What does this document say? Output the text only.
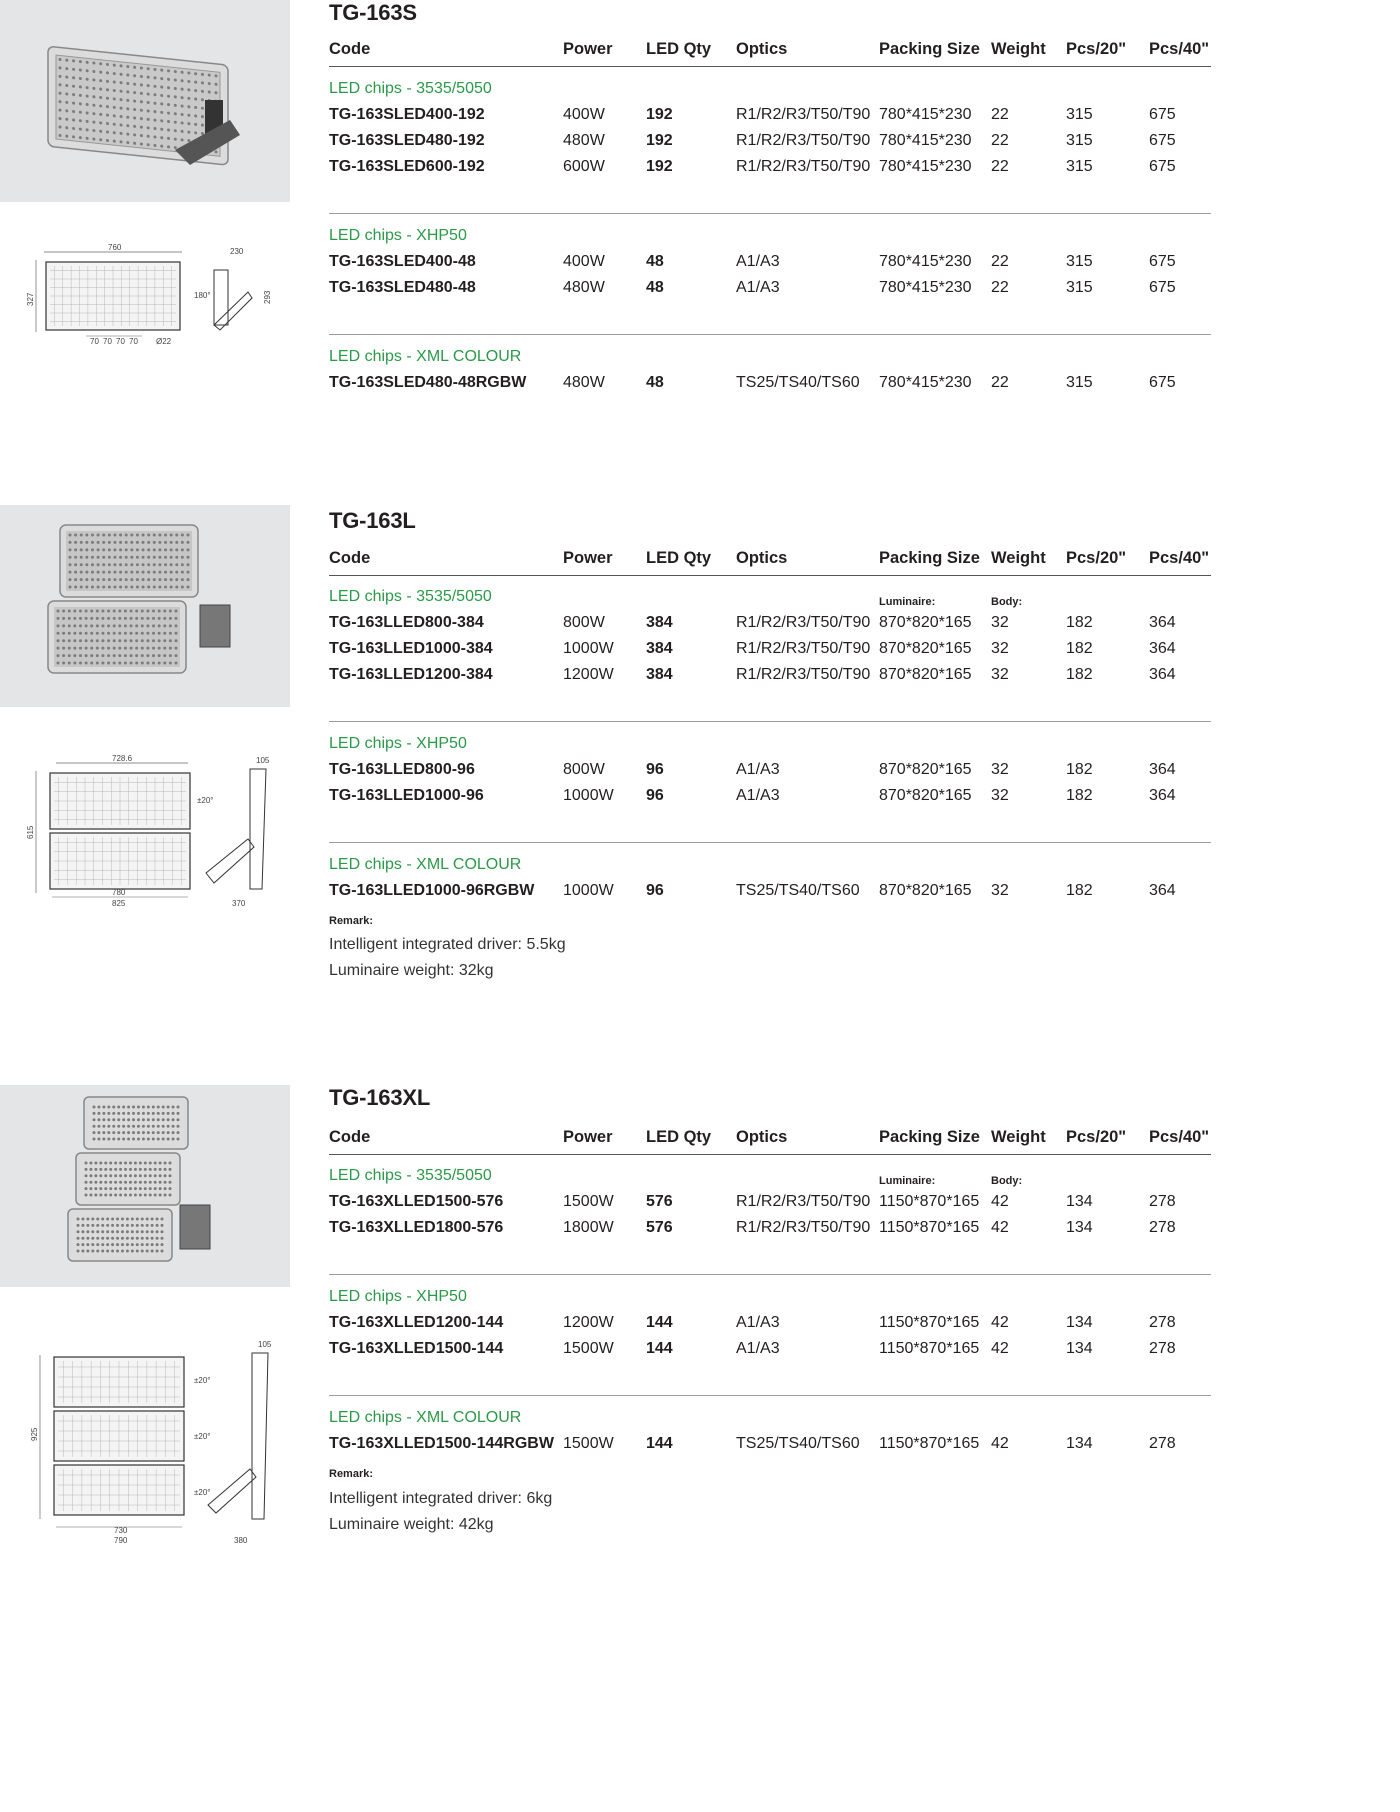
327
760
180°
230
293
70 70 70 70 Ø22
TG-163S
Code	Power LED Qty Optics	Packing Size Weight Pcs/20" Pcs/40"
LED chips - 3535/5050
TG-163SLED400-192	400W	192	R1/R2/R3/T50/T90 780*415*230 22	315	675
TG-163SLED480-192	480W	192	R1/R2/R3/T50/T90 780*415*230 22	315	675
TG-163SLED600-192	600W	192	R1/R2/R3/T50/T90 780*415*230 22	315	675
LED chips - XHP50
TG-163SLED400-48	400W	48	A1/A3	780*415*230 22	315	675
TG-163SLED480-48	480W	48	A1/A3	780*415*230 22	315	675
LED chips - XML COLOUR
TG-163SLED480-48RGBW 480W	48	TS25/TS40/TS60 780*415*230 22	315	675
728.6
615
±20°
105
780
825	370
TG-163L
Code	Power LED Qty Optics	Packing Size Weight Pcs/20" Pcs/40"
LED chips - 3535/5050	Luminaire:	Body:
TG-163LLED800-384	800W	384	R1/R2/R3/T50/T90 870*820*165 32	182	364
TG-163LLED1000-384	1000W 384	R1/R2/R3/T50/T90 870*820*165 32	182	364
TG-163LLED1200-384	1200W 384	R1/R2/R3/T50/T90 870*820*165 32	182	364
LED chips - XHP50
TG-163LLED800-96	800W	96	A1/A3	870*820*165 32	182	364
TG-163LLED1000-96	1000W 96	A1/A3	870*820*165 32	182	364
LED chips - XML COLOUR
TG-163LLED1000-96RGBW 1000W 96	TS25/TS40/TS60 870*820*165 32	182	364
Remark:
Intelligent integrated driver: 5.5kg
Luminaire weight: 32kg
925
±20°
±20°
±20°
105
730
790	380
TG-163XL
Code	Power LED Qty Optics	Packing Size Weight Pcs/20" Pcs/40"
LED chips - 3535/5050	Luminaire:	Body:
TG-163XLLED1500-576	1500W 576	R1/R2/R3/T50/T90 1150*870*165 42	134	278
TG-163XLLED1800-576	1800W 576	R1/R2/R3/T50/T90 1150*870*165 42	134	278
LED chips - XHP50
TG-163XLLED1200-144	1200W 144	A1/A3	1150*870*165 42	134	278
TG-163XLLED1500-144	1500W 144	A1/A3	1150*870*165 42	134	278
LED chips - XML COLOUR
TG-163XLLED1500-144RGBW 1500W 144	TS25/TS40/TS60 1150*870*165 42	134	278
Remark:
Intelligent integrated driver: 6kg
Luminaire weight: 42kg
